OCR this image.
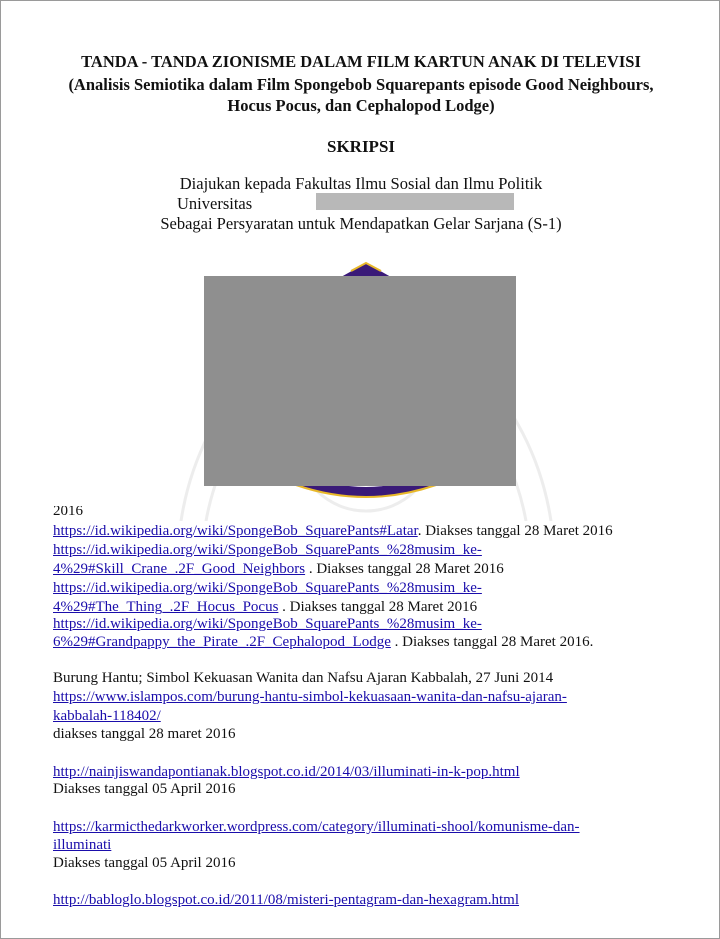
TANDA - TANDA ZIONISME DALAM FILM KARTUN ANAK DI TELEVISI
(Analisis Semiotika dalam Film Spongebob Squarepants episode Good Neighbours,
Hocus Pocus, dan Cephalopod Lodge)
SKRIPSI
Diajukan kepada Fakultas Ilmu Sosial dan Ilmu Politik
Universitas
Sebagai Persyaratan untuk Mendapatkan Gelar Sarjana (S-1)
2016
https://id.wikipedia.org/wiki/SpongeBob_SquarePants#Latar. Diakses tanggal 28 Maret 2016
https://id.wikipedia.org/wiki/SpongeBob_SquarePants_%28musim_ke-
4%29#Skill_Crane_.2F_Good_Neighbors . Diakses tanggal 28 Maret 2016
https://id.wikipedia.org/wiki/SpongeBob_SquarePants_%28musim_ke-
4%29#The_Thing_.2F_Hocus_Pocus . Diakses tanggal 28 Maret 2016
https://id.wikipedia.org/wiki/SpongeBob_SquarePants_%28musim_ke-
6%29#Grandpappy_the_Pirate_.2F_Cephalopod_Lodge . Diakses tanggal 28 Maret 2016.
Burung Hantu; Simbol Kekuasan Wanita dan Nafsu Ajaran Kabbalah, 27 Juni 2014
https://www.islampos.com/burung-hantu-simbol-kekuasaan-wanita-dan-nafsu-ajaran-
kabbalah-118402/
diakses tanggal 28 maret 2016
http://nainjiswandapontianak.blogspot.co.id/2014/03/illuminati-in-k-pop.html
Diakses tanggal 05 April 2016
https://karmicthedarkworker.wordpress.com/category/illuminati-shool/komunisme-dan-
illuminati
Diakses tanggal 05 April 2016
http://babloglo.blogspot.co.id/2011/08/misteri-pentagram-dan-hexagram.html
